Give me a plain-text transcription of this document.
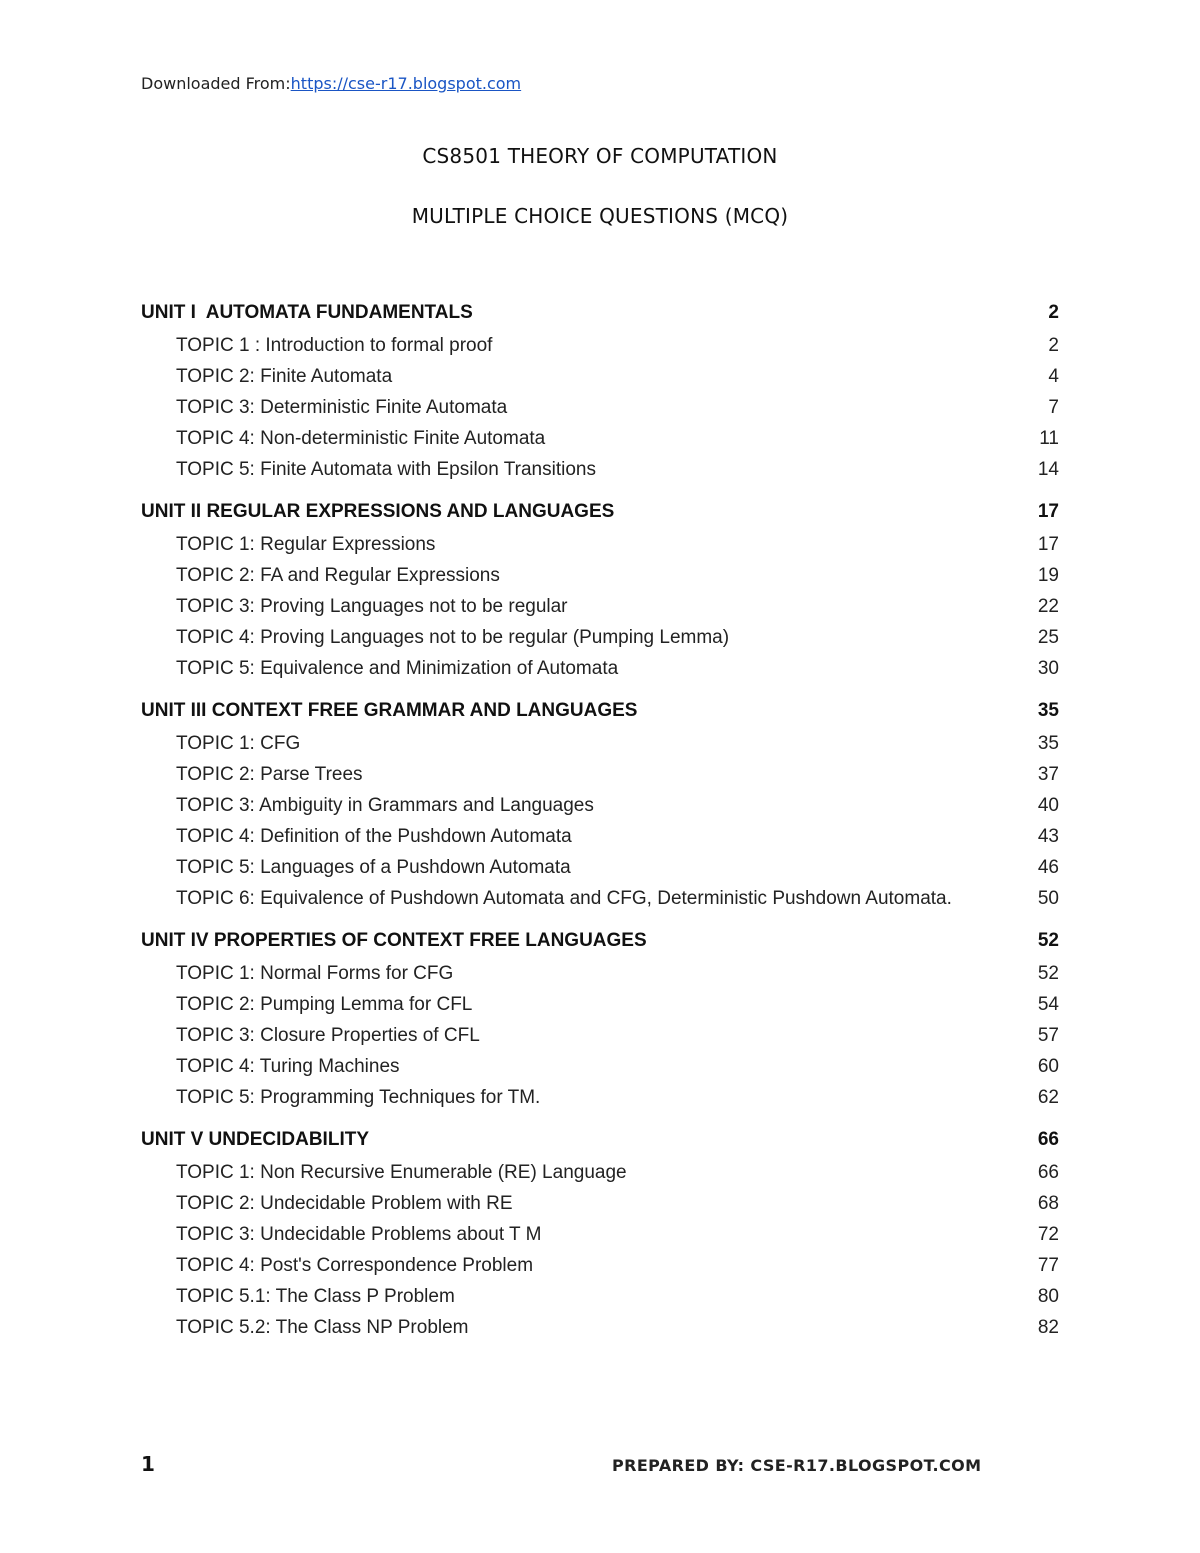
Downloaded From:https://cse-r17.blogspot.com
CS8501 THEORY OF COMPUTATION
MULTIPLE CHOICE QUESTIONS (MCQ)
UNIT I  AUTOMATA FUNDAMENTALS	2
TOPIC 1 : Introduction to formal proof	2
TOPIC 2: Finite Automata	4
TOPIC 3: Deterministic Finite Automata	7
TOPIC 4: Non-deterministic Finite Automata	11
TOPIC 5: Finite Automata with Epsilon Transitions	14
UNIT II REGULAR EXPRESSIONS AND LANGUAGES	17
TOPIC 1: Regular Expressions	17
TOPIC 2: FA and Regular Expressions	19
TOPIC 3: Proving Languages not to be regular	22
TOPIC 4: Proving Languages not to be regular (Pumping Lemma)	25
TOPIC 5: Equivalence and Minimization of Automata	30
UNIT III CONTEXT FREE GRAMMAR AND LANGUAGES	35
TOPIC 1: CFG	35
TOPIC 2: Parse Trees	37
TOPIC 3: Ambiguity in Grammars and Languages	40
TOPIC 4: Definition of the Pushdown Automata	43
TOPIC 5: Languages of a Pushdown Automata	46
TOPIC 6: Equivalence of Pushdown Automata and CFG, Deterministic Pushdown Automata.	50
UNIT IV PROPERTIES OF CONTEXT FREE LANGUAGES	52
TOPIC 1: Normal Forms for CFG	52
TOPIC 2: Pumping Lemma for CFL	54
TOPIC 3: Closure Properties of CFL	57
TOPIC 4: Turing Machines	60
TOPIC 5: Programming Techniques for TM.	62
UNIT V UNDECIDABILITY	66
TOPIC 1: Non Recursive Enumerable (RE) Language	66
TOPIC 2: Undecidable Problem with RE	68
TOPIC 3: Undecidable Problems about T M	72
TOPIC 4: Post's Correspondence Problem	77
TOPIC 5.1: The Class P Problem	80
TOPIC 5.2: The Class NP Problem	82
1	PREPARED BY: CSE-R17.BLOGSPOT.COM
